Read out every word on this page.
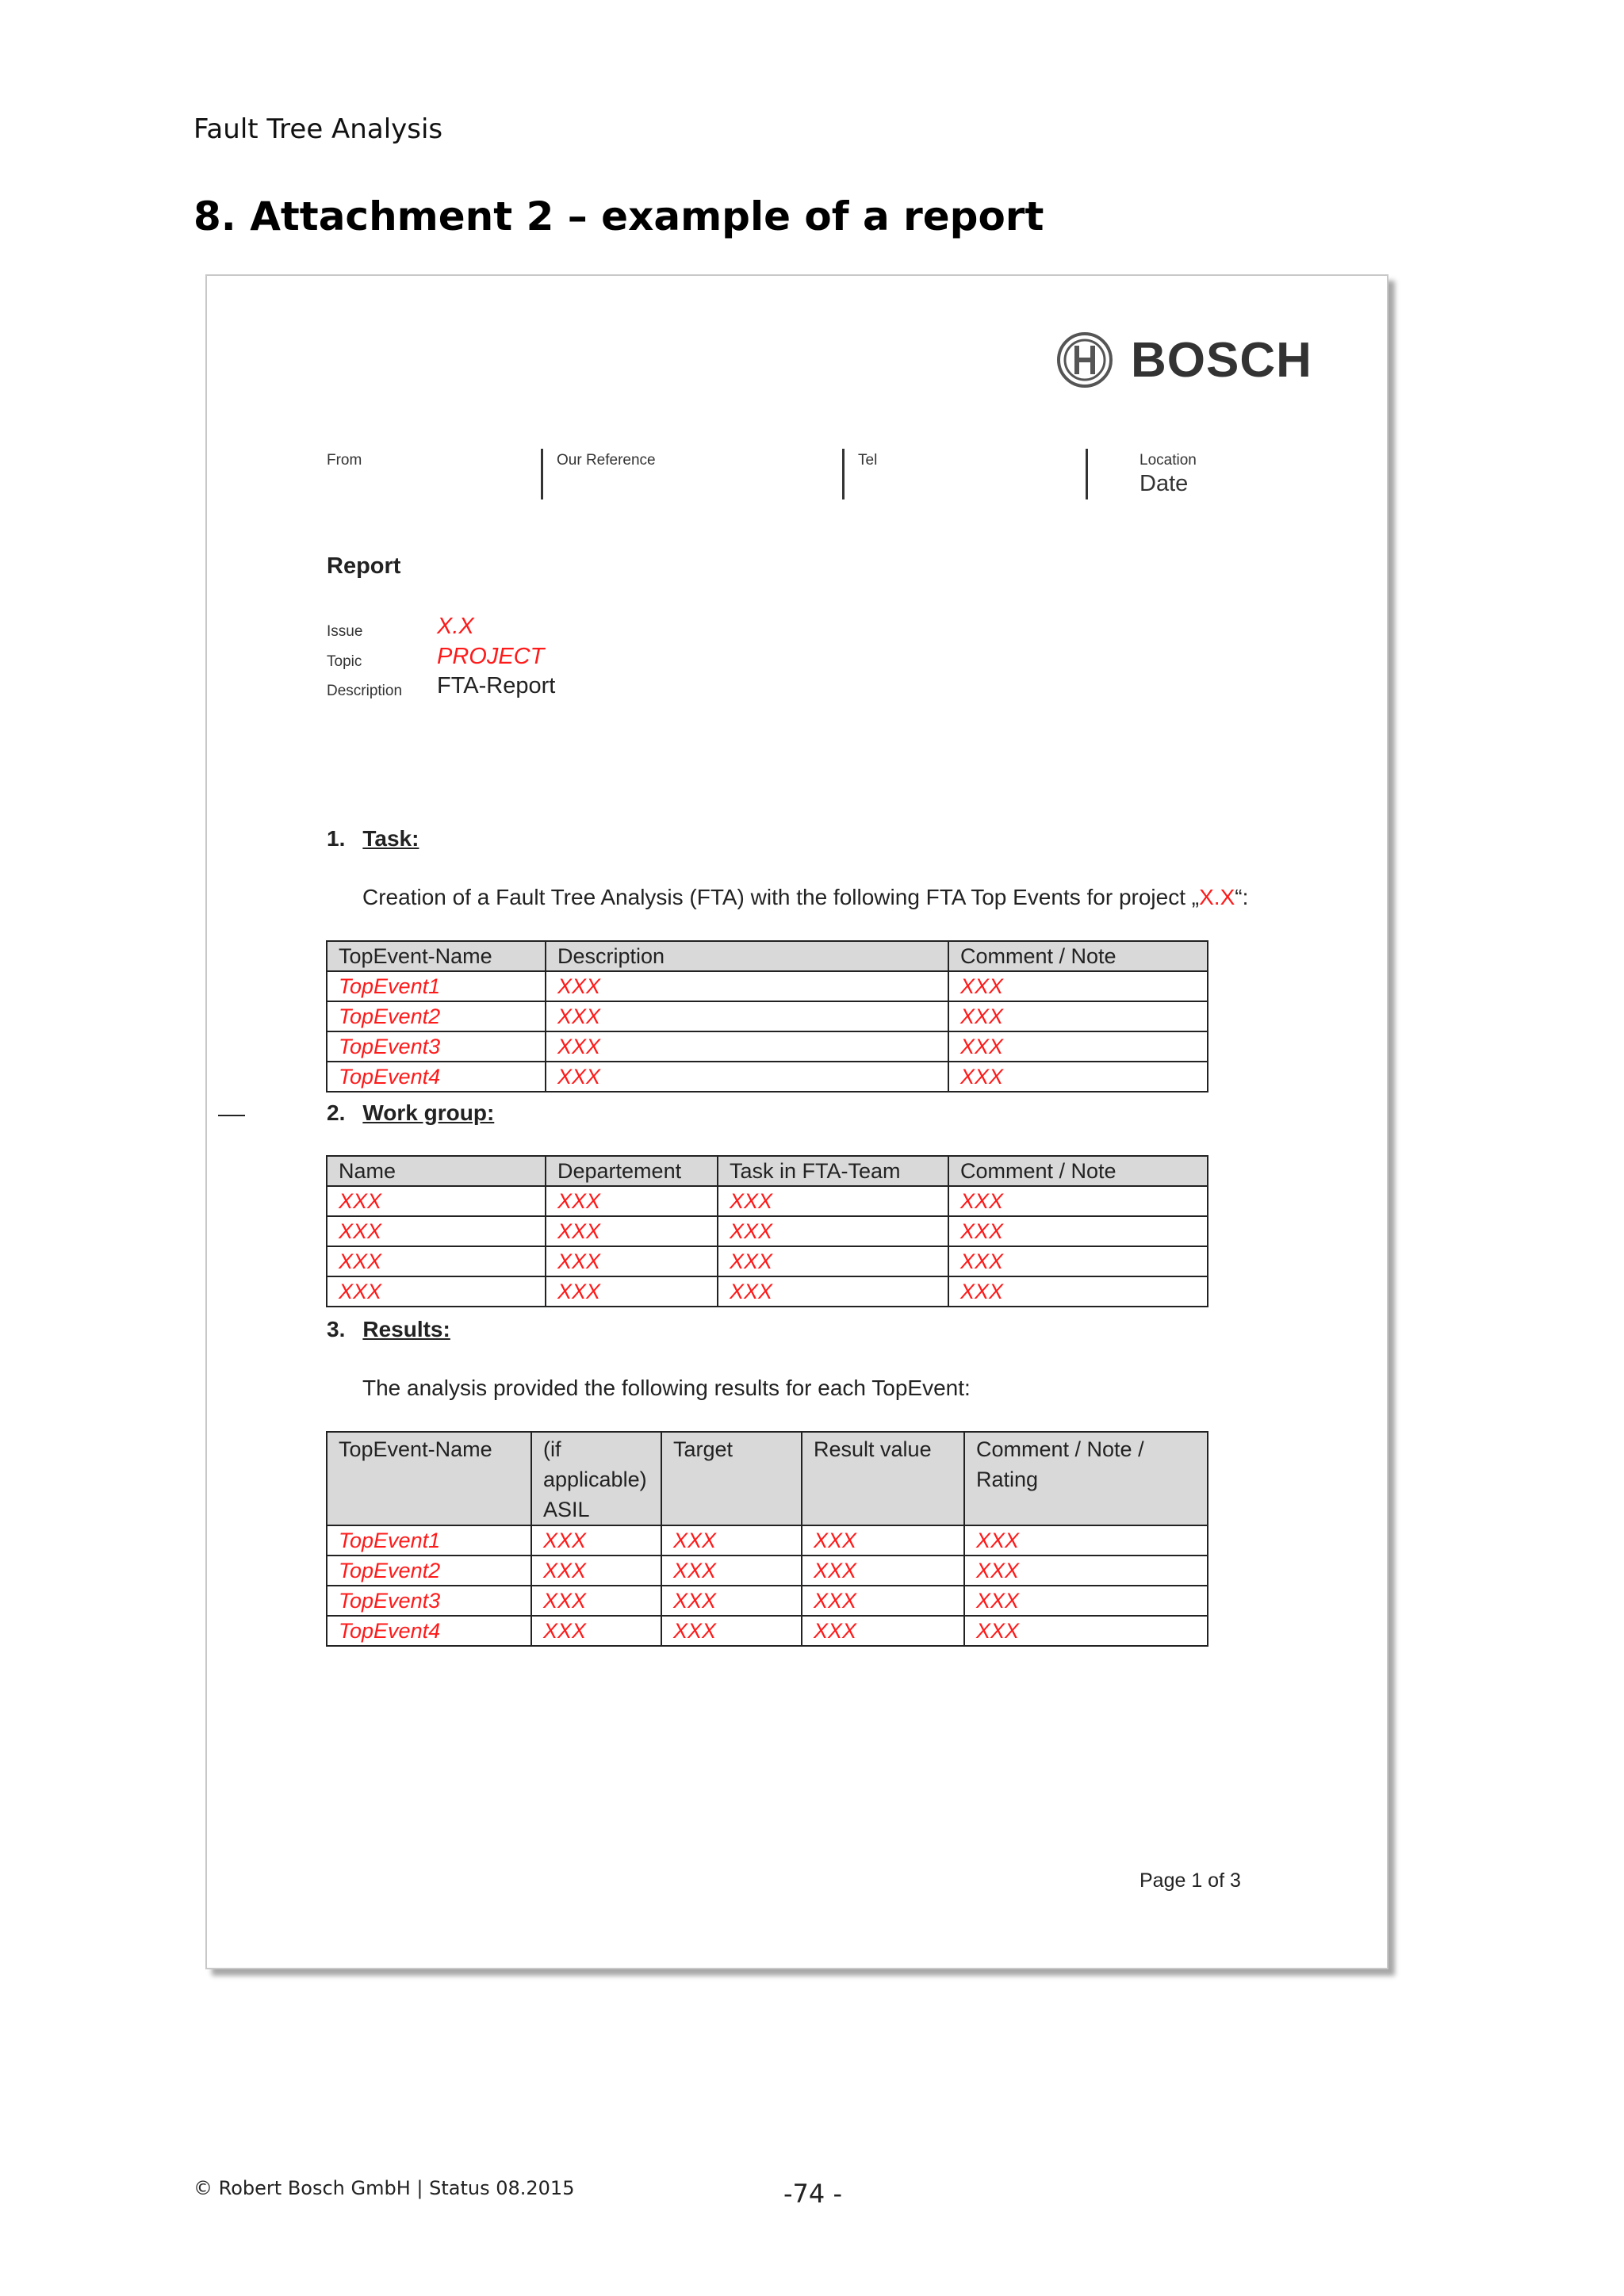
Fault Tree Analysis
8. Attachment 2 – example of a report
BOSCH
From	Our Reference	Tel	Location
Date
Report
Issue	X.X
Topic	PROJECT
Description FTA-Report
1. Task:
Creation of a Fault Tree Analysis (FTA) with the following FTA Top Events for project „X.X“:
TopEvent-Name	Description	Comment / Note
TopEvent1	XXX	XXX
TopEvent2	XXX	XXX
TopEvent3	XXX	XXX
TopEvent4	XXX	XXX
2. Work group:
Name	Departement	Task in FTA-Team	Comment / Note
XXX	XXX	XXX	XXX
XXX	XXX	XXX	XXX
XXX	XXX	XXX	XXX
XXX	XXX	XXX	XXX
3. Results:
The analysis provided the following results for each TopEvent:
TopEvent-Name	(if applicable) ASIL	Target	Result value	Comment / Note / Rating
TopEvent1	XXX	XXX	XXX	XXX
TopEvent2	XXX	XXX	XXX	XXX
TopEvent3	XXX	XXX	XXX	XXX
TopEvent4	XXX	XXX	XXX	XXX
Page 1 of 3
© Robert Bosch GmbH | Status 08.2015	-74 -
